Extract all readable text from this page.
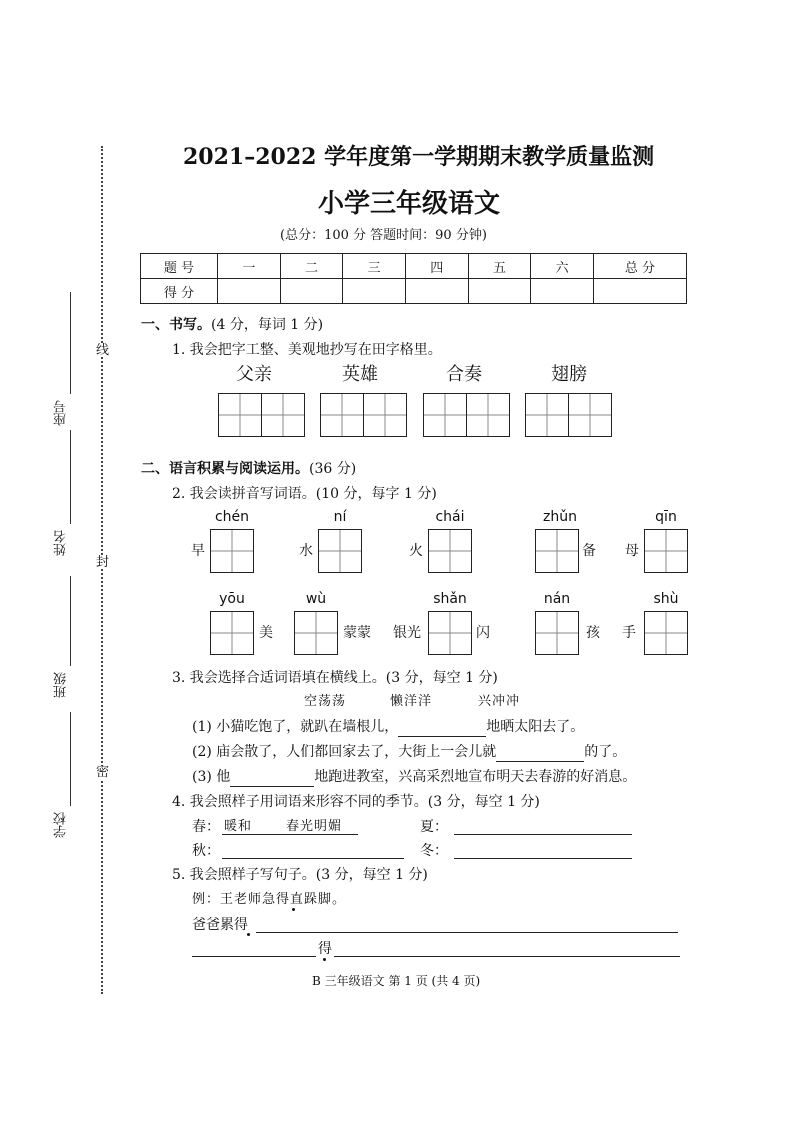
线
封
密
座号
姓名
班级
学校
2021–2022 学年度第一学期期末教学质量监测
小学三年级语文
(总分：100 分 答题时间：90 分钟)
题 号	一	二	三	四	五	六	总 分
得 分							
一、书写。(4 分，每词 1 分)
1. 我会把字工整、美观地抄写在田字格里。
父亲	英雄	合奏	翅膀
二、语言积累与阅读运用。(36 分)
2. 我会读拼音写词语。(10 分，每字 1 分)
chén
早
ní
水
chái
火
zhǔn
备
qīn
母
yōu
美
wù
蒙蒙 银光
shǎn
闪
nán
孩 手
shù
3. 我会选择合适词语填在横线上。(3 分，每空 1 分)
空荡荡	懒洋洋	兴冲冲
(1) 小猫吃饱了，就趴在墙根儿，	地晒太阳去了。
(2) 庙会散了，人们都回家去了，大街上一会儿就	的了。
(3) 他	地跑进教室，兴高采烈地宣布明天去春游的好消息。
4. 我会照样子用词语来形容不同的季节。(3 分，每空 1 分)
春： 暖和	春光明媚	夏：
秋：	冬：
5. 我会照样子写句子。(3 分，每空 1 分)
例：王老师急得直跺脚。
爸爸累得
得
B 三年级语文 第 1 页 (共 4 页)
